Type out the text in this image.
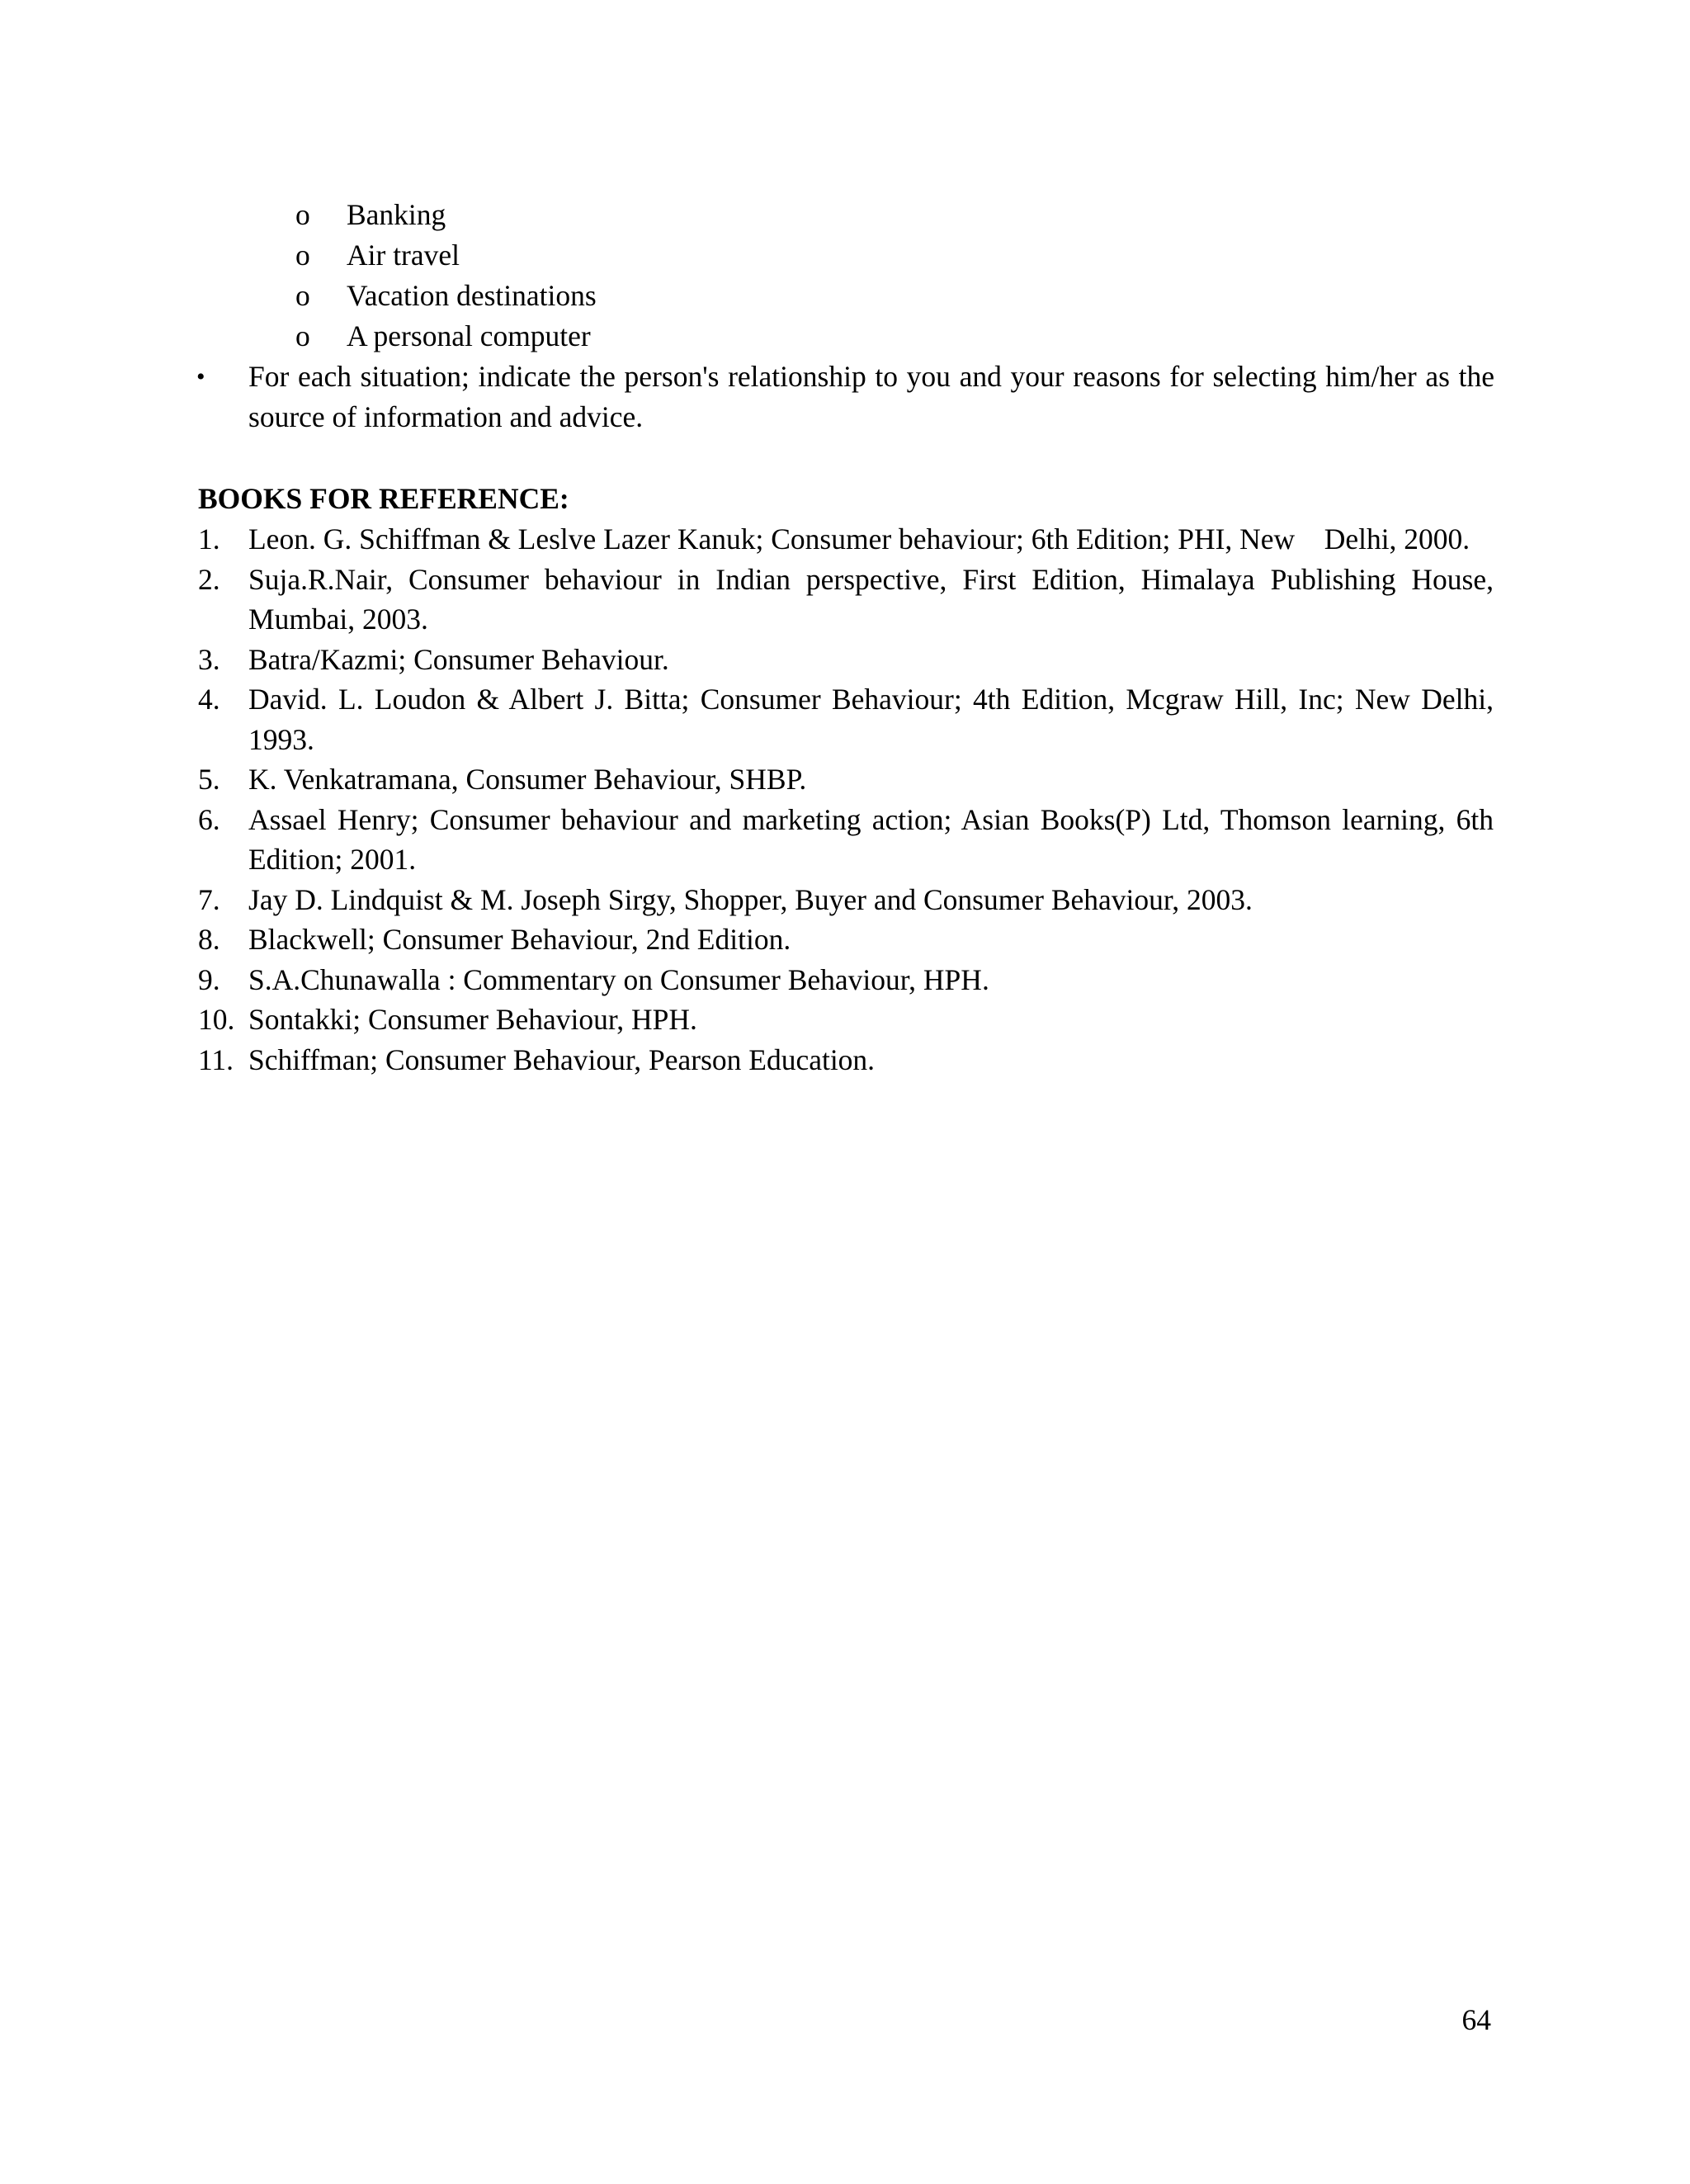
o	Banking
o	Air travel
o	Vacation destinations
o	A personal computer
• For each situation; indicate the person's relationship to you and your reasons for selecting him/her as the source of information and advice.
BOOKS FOR REFERENCE:
1. Leon. G. Schiffman & Leslve Lazer Kanuk; Consumer behaviour; 6th Edition; PHI, New    Delhi, 2000.
2. Suja.R.Nair, Consumer behaviour in Indian perspective, First Edition, Himalaya Publishing House, Mumbai, 2003.
3. Batra/Kazmi; Consumer Behaviour.
4. David. L. Loudon & Albert J. Bitta; Consumer Behaviour; 4th Edition, Mcgraw Hill, Inc; New Delhi, 1993.
5. K. Venkatramana, Consumer Behaviour, SHBP.
6. Assael Henry; Consumer behaviour and marketing action; Asian Books(P) Ltd, Thomson learning, 6th Edition; 2001.
7. Jay D. Lindquist & M. Joseph Sirgy, Shopper, Buyer and Consumer Behaviour, 2003.
8. Blackwell; Consumer Behaviour, 2nd Edition.
9. S.A.Chunawalla : Commentary on Consumer Behaviour, HPH.
10. Sontakki; Consumer Behaviour, HPH.
11. Schiffman; Consumer Behaviour, Pearson Education.
64
